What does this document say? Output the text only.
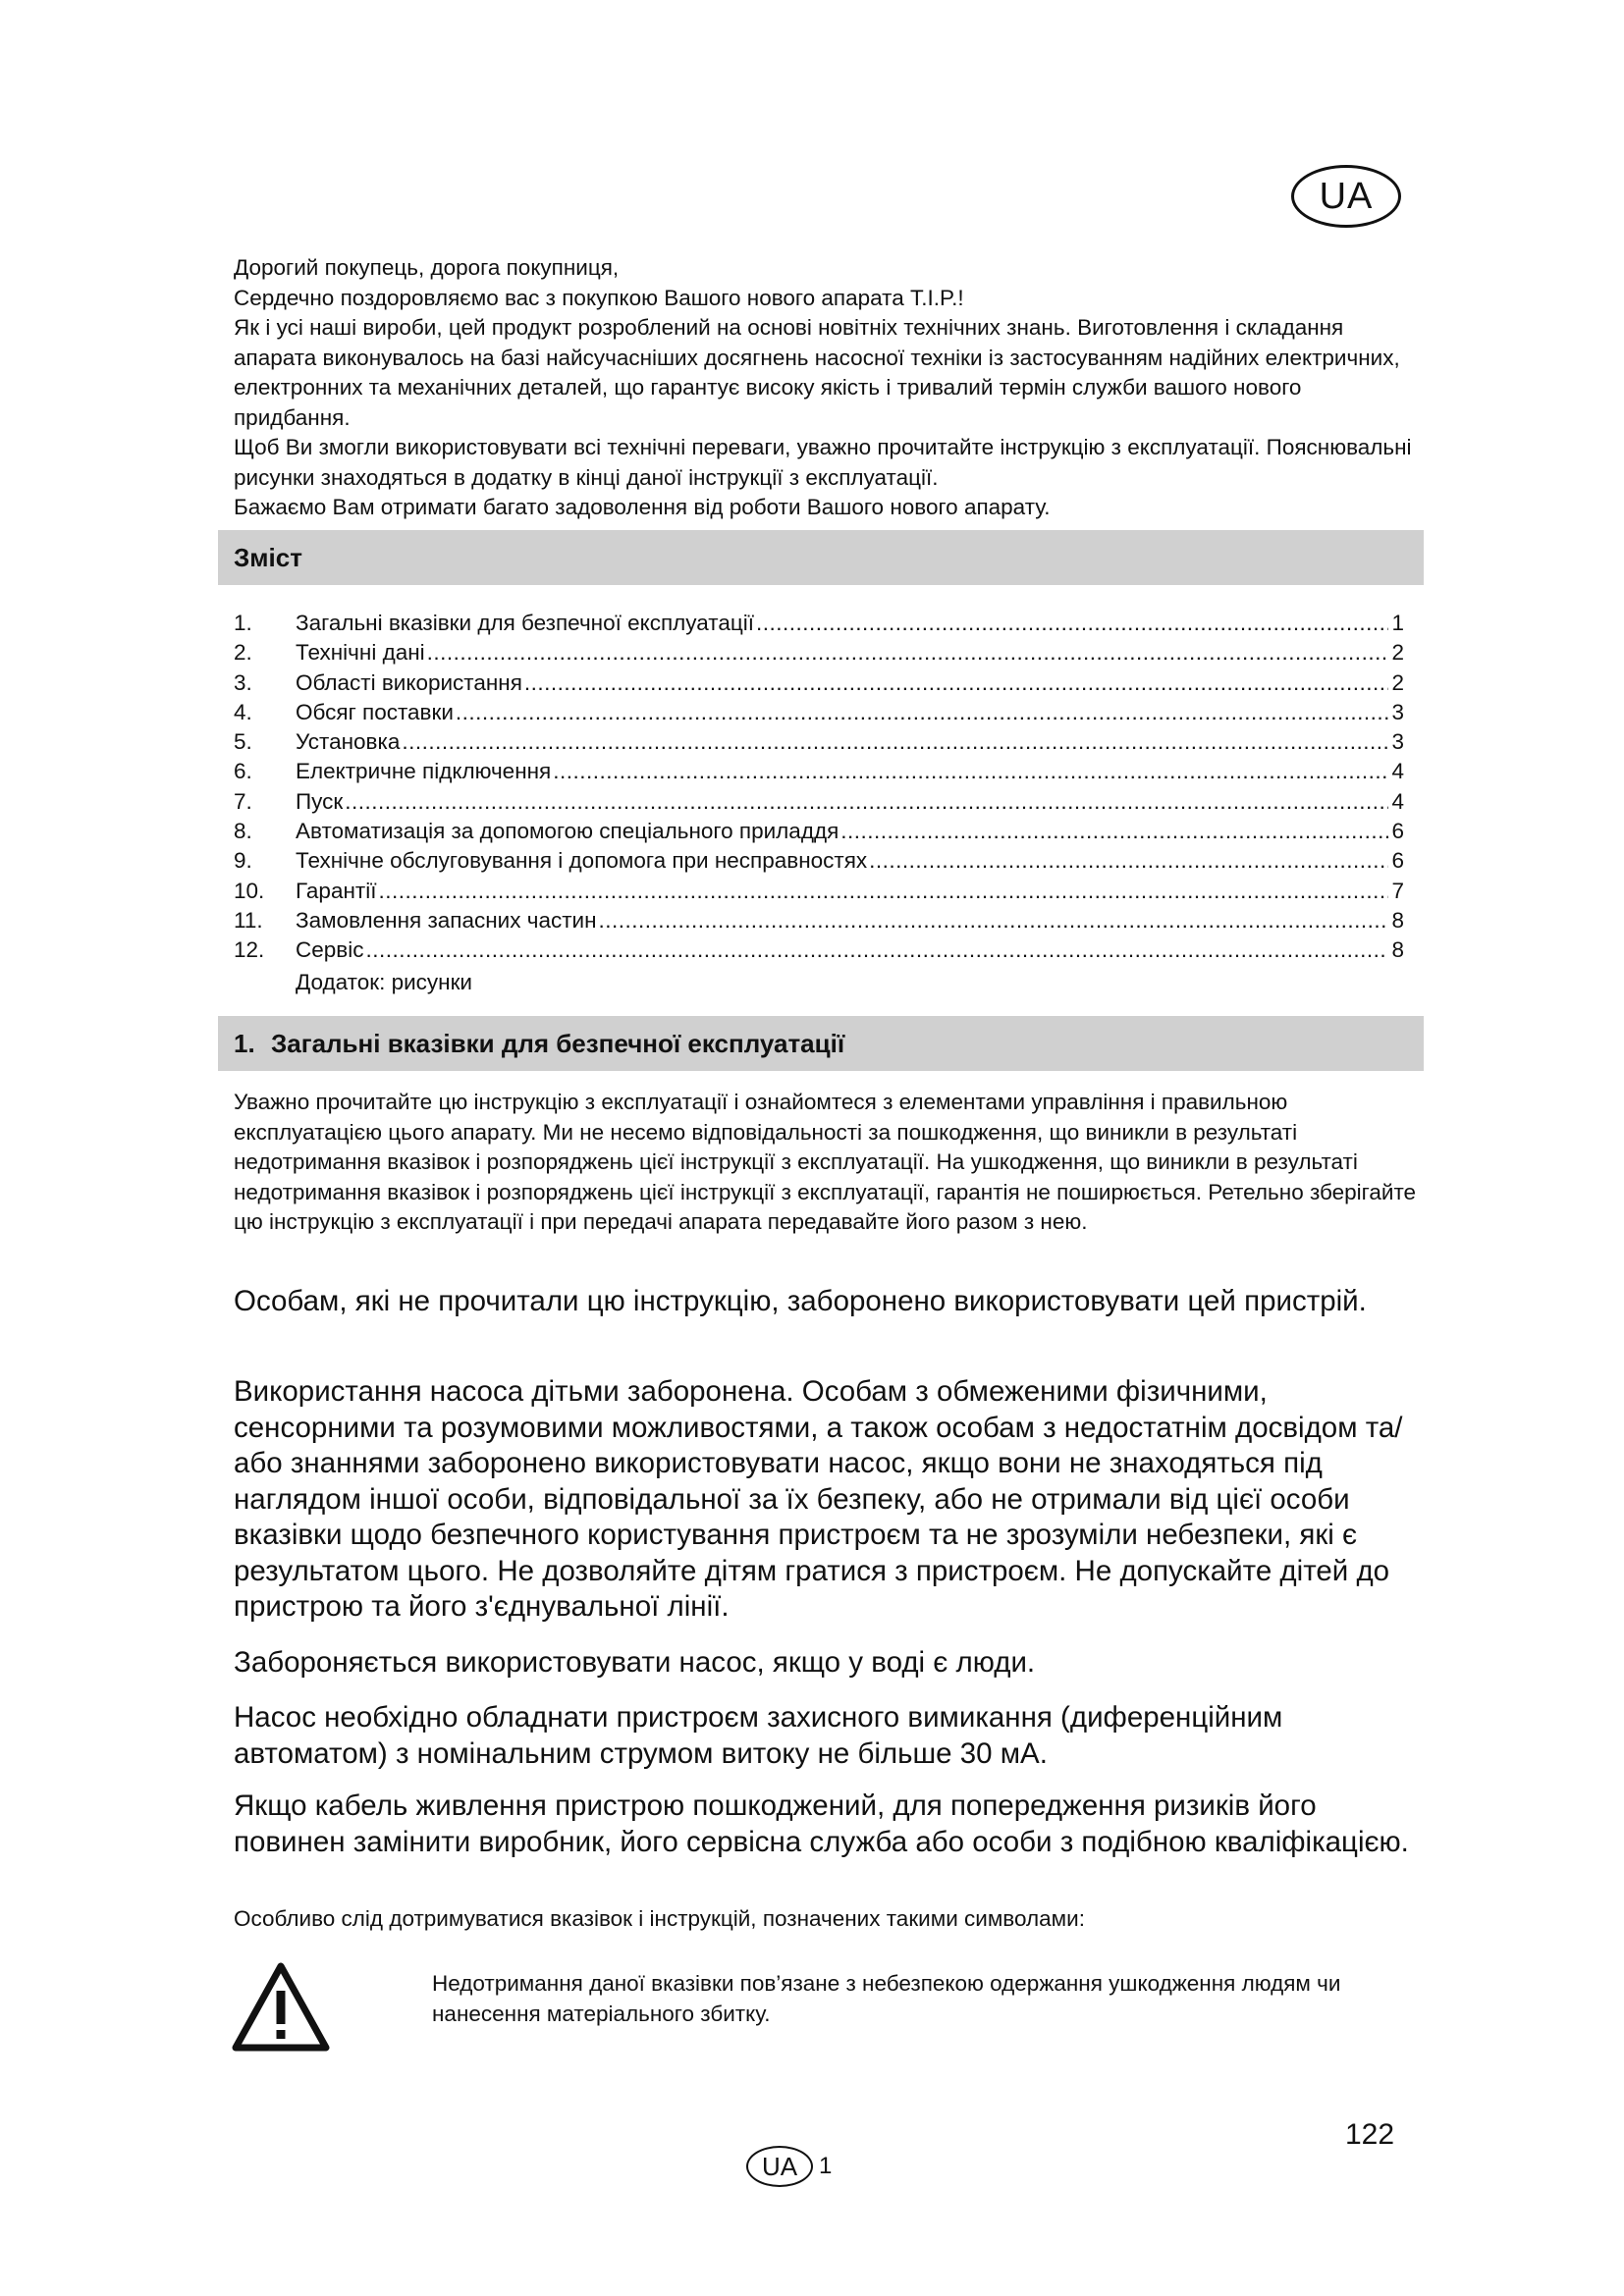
UA

Дорогий покупець, дорога покупниця,

Сердечно поздоровляємо вас з покупкою Вашого нового апарата T.I.P.!

Як і усі наші вироби, цей продукт розроблений на основі новітніх технічних знань. Виготовлення і складання апарата виконувалось на базі найсучасніших досягнень насосної техніки із застосуванням надійних електричних, електронних та механічних деталей, що гарантує високу якість і тривалий термін служби вашого нового придбання.

Щоб Ви змогли використовувати всі технічні переваги, уважно прочитайте інструкцію з експлуатації. Пояснювальні рисунки знаходяться в додатку в кінці даної інструкції з експлуатації.

Бажаємо Вам отримати багато задоволення від роботи Вашого нового апарату.

Зміст
1.	Загальні вказівки для безпечної експлуатації .....	1
2.	Технічні дані .....	2
3.	Області використання .....	2
4.	Обсяг поставки .....	3
5.	Установка .....	3
6.	Електричне підключення .....	4
7.	Пуск .....	4
8.	Автоматизація за допомогою спеціального приладдя .....	6
9.	Технічне обслуговування і допомога при несправностях .....	6
10.	Гарантії .....	7
11.	Замовлення запасних частин .....	8
12.	Сервіс .....	8
Додаток: рисунки
1. Загальні вказівки для безпечної експлуатації

Уважно прочитайте цю інструкцію з експлуатації і ознайомтеся з елементами управління і правильною експлуатацією цього апарату. Ми не несемо відповідальності за пошкодження, що виникли в результаті недотримання вказівок і розпоряджень цієї інструкції з експлуатації. На ушкодження, що виникли в результаті недотримання вказівок і розпоряджень цієї інструкції з експлуатації, гарантія не поширюється. Ретельно зберігайте цю інструкцію з експлуатації і при передачі апарата передавайте його разом з нею.

Особам, які не прочитали цю інструкцію, заборонено використовувати цей пристрій.

Використання насоса дітьми заборонена. Особам з обмеженими фізичними, сенсорними та розумовими можливостями, а також особам з недостатнім досвідом та/або знаннями заборонено використовувати насос, якщо вони не знаходяться під наглядом іншої особи, відповідальної за їх безпеку, або не отримали від цієї особи вказівки щодо безпечного користування пристроєм та не зрозуміли небезпеки, які є результатом цього. Не дозволяйте дітям гратися з пристроєм. Не допускайте дітей до пристрою та його з'єднувальної лінії.

Забороняється використовувати насос, якщо у воді є люди.

Насос необхідно обладнати пристроєм захисного вимикання (диференційним автоматом) з номінальним струмом витоку не більше 30 мА.

Якщо кабель живлення пристрою пошкоджений, для попередження ризиків його повинен замінити виробник, його сервісна служба або особи з подібною кваліфікацією.

Особливо слід дотримуватися вказівок і інструкцій, позначених такими символами:

Недотримання даної вказівки пов’язане з небезпекою одержання ушкодження людям чи нанесення матеріального збитку.

122
UA 1
